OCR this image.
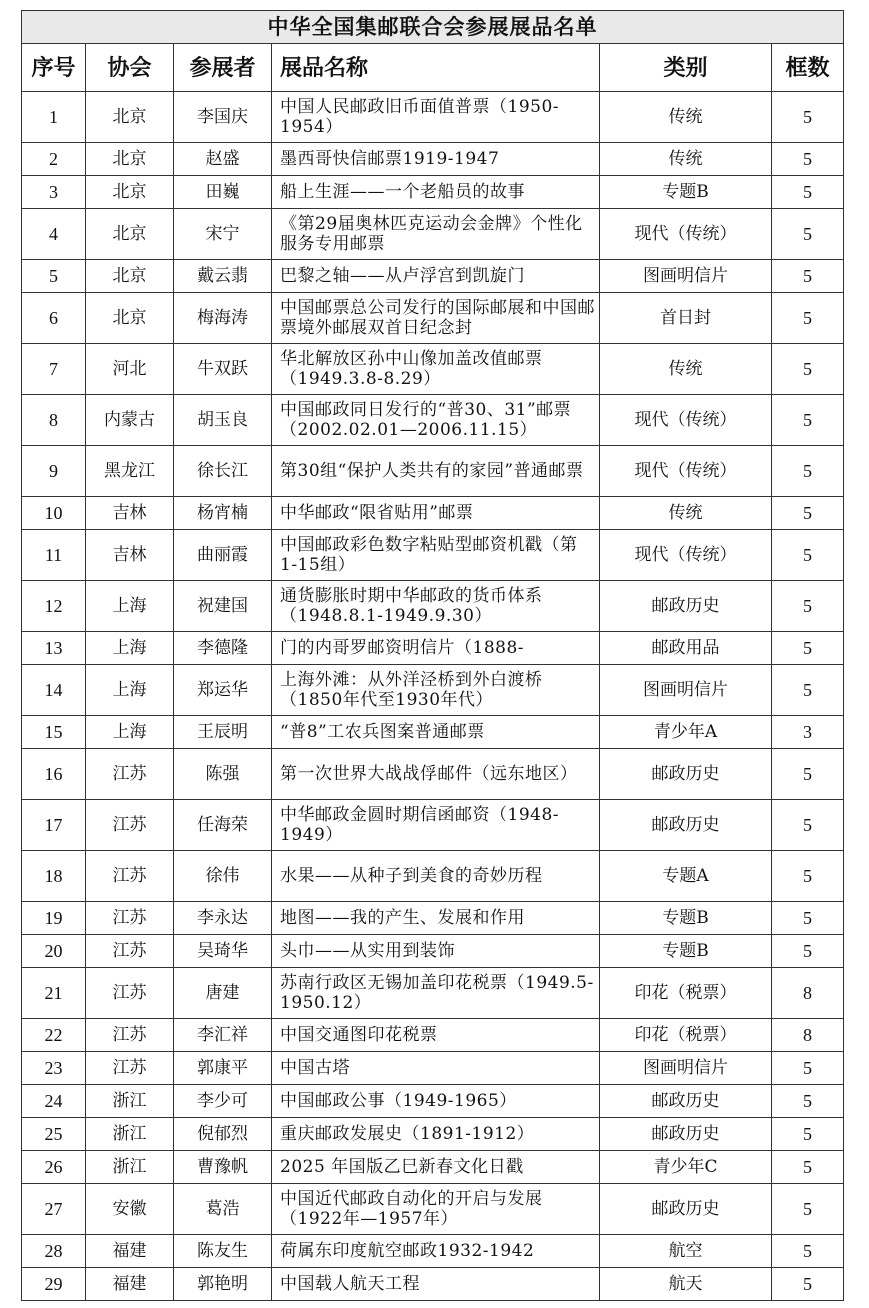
中华全国集邮联合会参展展品名单					
序号	协会	参展者	展品名称	类别	框数
1	北京	李国庆	中国人民邮政旧币面值普票（1950-1954）	传统	5
2	北京	赵盛	墨西哥快信邮票1919-1947	传统	5
3	北京	田巍	船上生涯——一个老船员的故事	专题B	5
4	北京	宋宁	《第29届奥林匹克运动会金牌》个性化服务专用邮票	现代（传统）	5
5	北京	戴云翡	巴黎之轴——从卢浮宫到凯旋门	图画明信片	5
6	北京	梅海涛	中国邮票总公司发行的国际邮展和中国邮票境外邮展双首日纪念封	首日封	5
7	河北	牛双跃	华北解放区孙中山像加盖改值邮票（1949.3.8-8.29）	传统	5
8	内蒙古	胡玉良	中国邮政同日发行的“普30、31”邮票（2002.02.01—2006.11.15）	现代（传统）	5
9	黑龙江	徐长江	第30组“保护人类共有的家园”普通邮票	现代（传统）	5
10	吉林	杨宵楠	中华邮政“限省贴用”邮票	传统	5
11	吉林	曲丽霞	中国邮政彩色数字粘贴型邮资机戳（第1-15组）	现代（传统）	5
12	上海	祝建国	通货膨胀时期中华邮政的货币体系（1948.8.1-1949.9.30）	邮政历史	5
13	上海	李德隆	门的内哥罗邮资明信片（1888-	邮政用品	5
14	上海	郑运华	上海外滩：从外洋泾桥到外白渡桥（1850年代至1930年代）	图画明信片	5
15	上海	王辰明	“普8”工农兵图案普通邮票	青少年A	3
16	江苏	陈强	第一次世界大战战俘邮件（远东地区）	邮政历史	5
17	江苏	任海荣	中华邮政金圆时期信函邮资（1948-1949）	邮政历史	5
18	江苏	徐伟	水果——从种子到美食的奇妙历程	专题A	5
19	江苏	李永达	地图——我的产生、发展和作用	专题B	5
20	江苏	吴琦华	头巾——从实用到装饰	专题B	5
21	江苏	唐建	苏南行政区无锡加盖印花税票（1949.5-1950.12）	印花（税票）	8
22	江苏	李汇祥	中国交通图印花税票	印花（税票）	8
23	江苏	郭康平	中国古塔	图画明信片	5
24	浙江	李少可	中国邮政公事（1949-1965）	邮政历史	5
25	浙江	倪郁烈	重庆邮政发展史（1891-1912）	邮政历史	5
26	浙江	曹豫帆	2025 年国版乙巳新春文化日戳	青少年C	5
27	安徽	葛浩	中国近代邮政自动化的开启与发展（1922年—1957年）	邮政历史	5
28	福建	陈友生	荷属东印度航空邮政1932-1942	航空	5
29	福建	郭艳明	中国载人航天工程	航天	5
